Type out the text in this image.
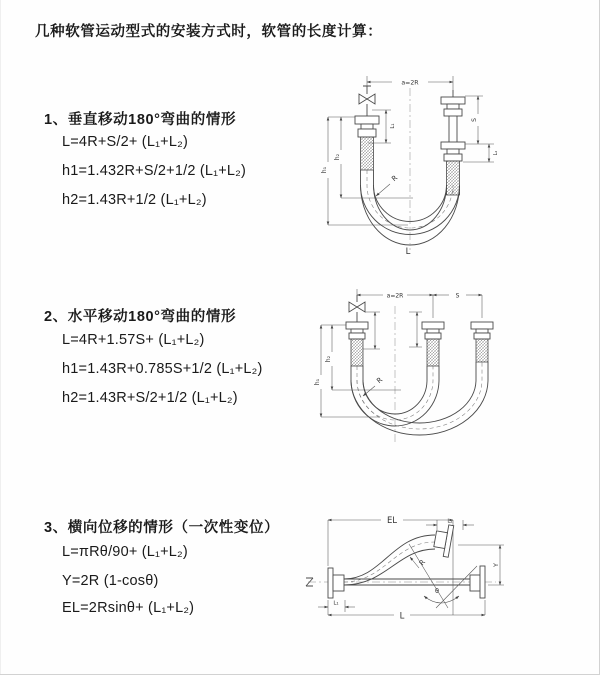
几种软管运动型式的安装方式时，软管的长度计算：
1、垂直移动180°弯曲的情形
L=4R+S/2+ (L₁+L₂)
h1=1.432R+S/2+1/2 (L₁+L₂)
h2=1.43R+1/2 (L₁+L₂)
2、水平移动180°弯曲的情形
L=4R+1.57S+ (L₁+L₂)
h1=1.43R+0.785S+1/2 (L₁+L₂)
h2=1.43R+S/2+1/2 (L₁+L₂)
3、横向位移的情形（一次性变位）
L=πRθ/90+ (L₁+L₂)
Y=2R (1-cosθ)
EL=2Rsinθ+ (L₁+L₂)
a=2R
h₁
h₂
L₁
S
L₂
R
L
a=2R	S
h₁
h₂
R
θ
EL	L₂
Y
L
L₁
R
